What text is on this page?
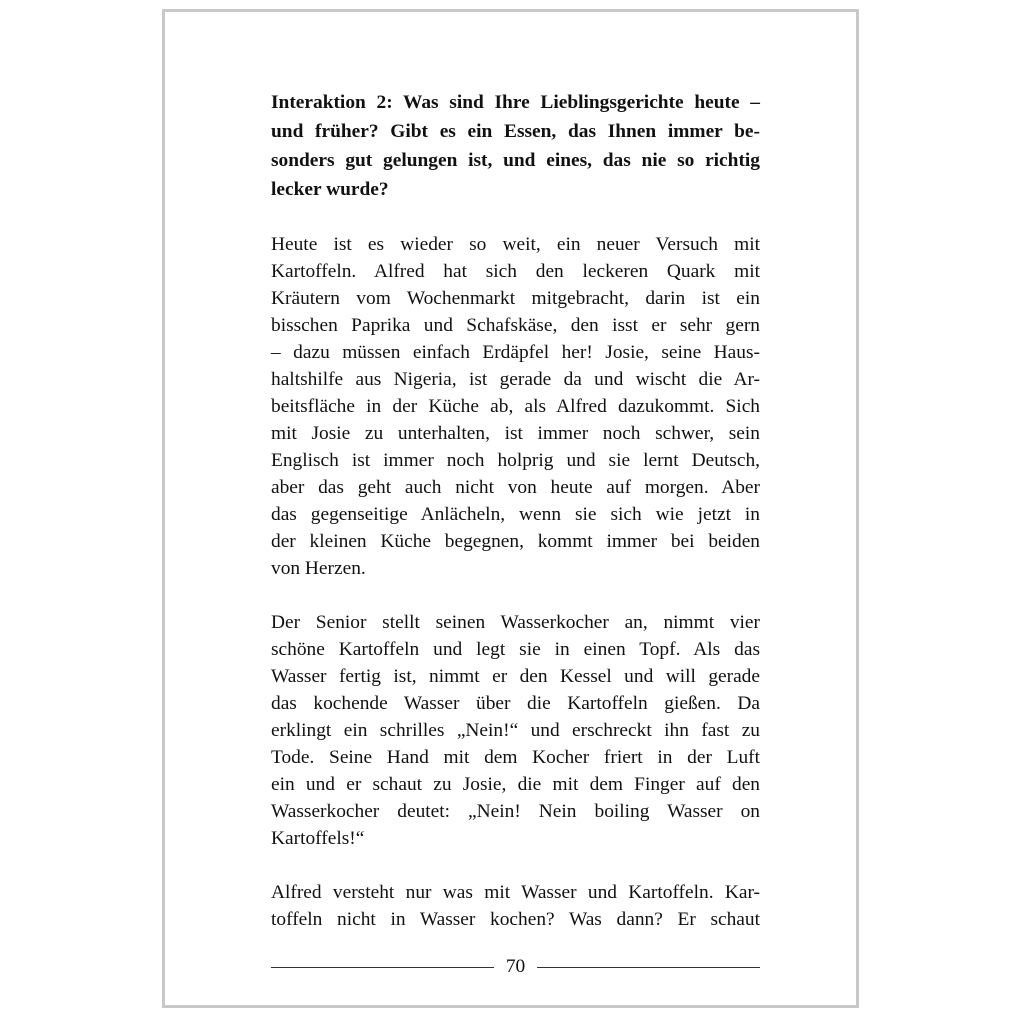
Interaktion 2: Was sind Ihre Lieblingsgerichte heute –
und früher? Gibt es ein Essen, das Ihnen immer be-
sonders gut gelungen ist, und eines, das nie so richtig
lecker wurde?

Heute ist es wieder so weit, ein neuer Versuch mit
Kartoffeln. Alfred hat sich den leckeren Quark mit
Kräutern vom Wochenmarkt mitgebracht, darin ist ein
bisschen Paprika und Schafskäse, den isst er sehr gern
– dazu müssen einfach Erdäpfel her! Josie, seine Haus-
haltshilfe aus Nigeria, ist gerade da und wischt die Ar-
beitsfläche in der Küche ab, als Alfred dazukommt. Sich
mit Josie zu unterhalten, ist immer noch schwer, sein
Englisch ist immer noch holprig und sie lernt Deutsch,
aber das geht auch nicht von heute auf morgen. Aber
das gegenseitige Anlächeln, wenn sie sich wie jetzt in
der kleinen Küche begegnen, kommt immer bei beiden
von Herzen.

Der Senior stellt seinen Wasserkocher an, nimmt vier
schöne Kartoffeln und legt sie in einen Topf. Als das
Wasser fertig ist, nimmt er den Kessel und will gerade
das kochende Wasser über die Kartoffeln gießen. Da
erklingt ein schrilles „Nein!“ und erschreckt ihn fast zu
Tode. Seine Hand mit dem Kocher friert in der Luft
ein und er schaut zu Josie, die mit dem Finger auf den
Wasserkocher deutet: „Nein! Nein boiling Wasser on
Kartoffels!“

Alfred versteht nur was mit Wasser und Kartoffeln. Kar-
toffeln nicht in Wasser kochen? Was dann? Er schaut

70
